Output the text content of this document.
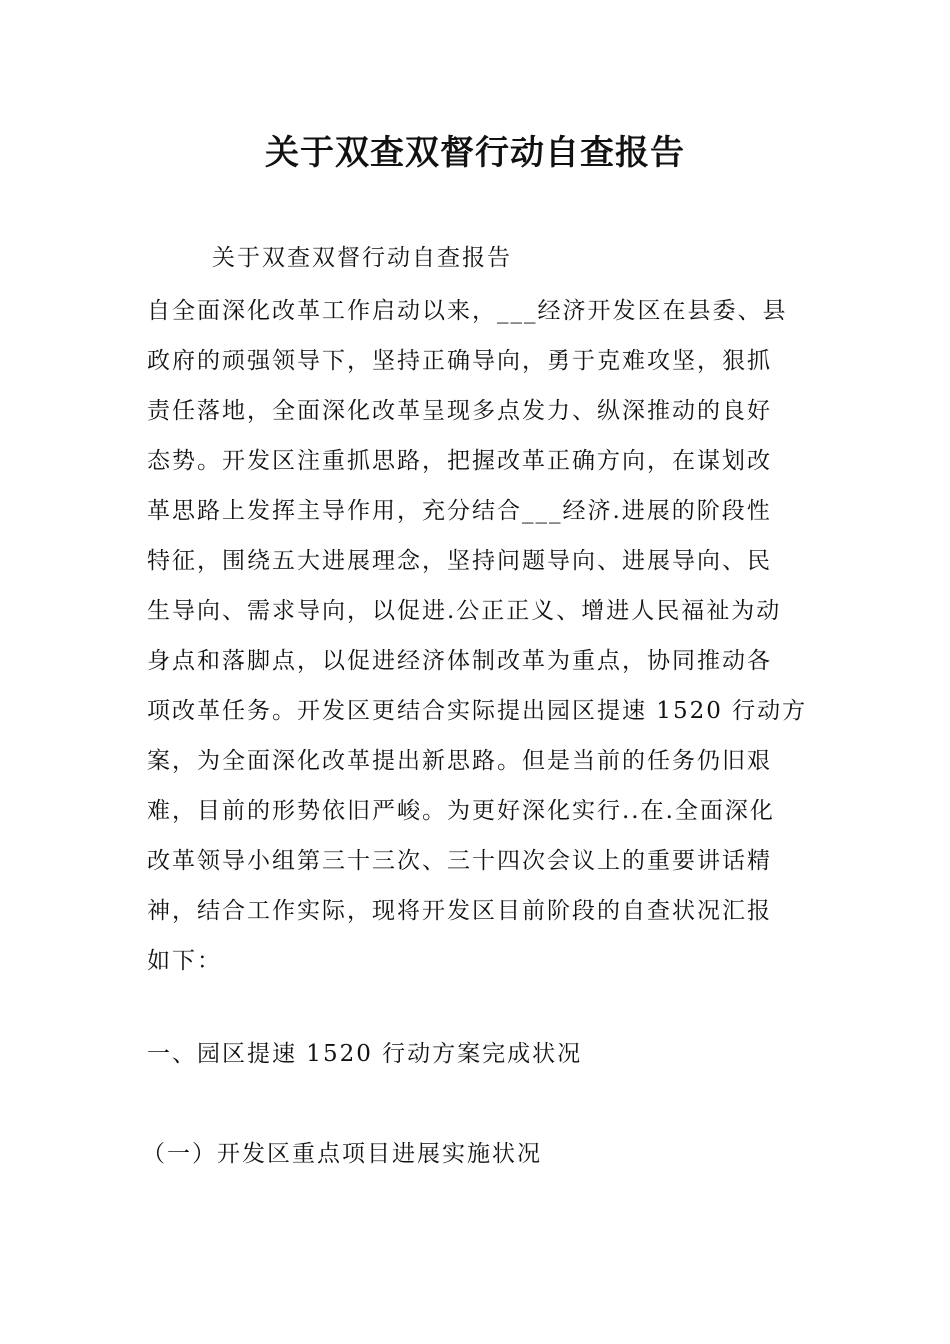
关于双查双督行动自查报告

关于双查双督行动自查报告

自全面深化改革工作启动以来，___经济开发区在县委、县
政府的顽强领导下，坚持正确导向，勇于克难攻坚，狠抓
责任落地，全面深化改革呈现多点发力、纵深推动的良好
态势。开发区注重抓思路，把握改革正确方向，在谋划改
革思路上发挥主导作用，充分结合___经济.进展的阶段性
特征，围绕五大进展理念，坚持问题导向、进展导向、民
生导向、需求导向，以促进.公正正义、增进人民福祉为动
身点和落脚点，以促进经济体制改革为重点，协同推动各
项改革任务。开发区更结合实际提出园区提速 1520 行动方
案，为全面深化改革提出新思路。但是当前的任务仍旧艰
难，目前的形势依旧严峻。为更好深化实行..在.全面深化
改革领导小组第三十三次、三十四次会议上的重要讲话精
神，结合工作实际，现将开发区目前阶段的自查状况汇报
如下：

一、园区提速 1520 行动方案完成状况

（一）开发区重点项目进展实施状况
